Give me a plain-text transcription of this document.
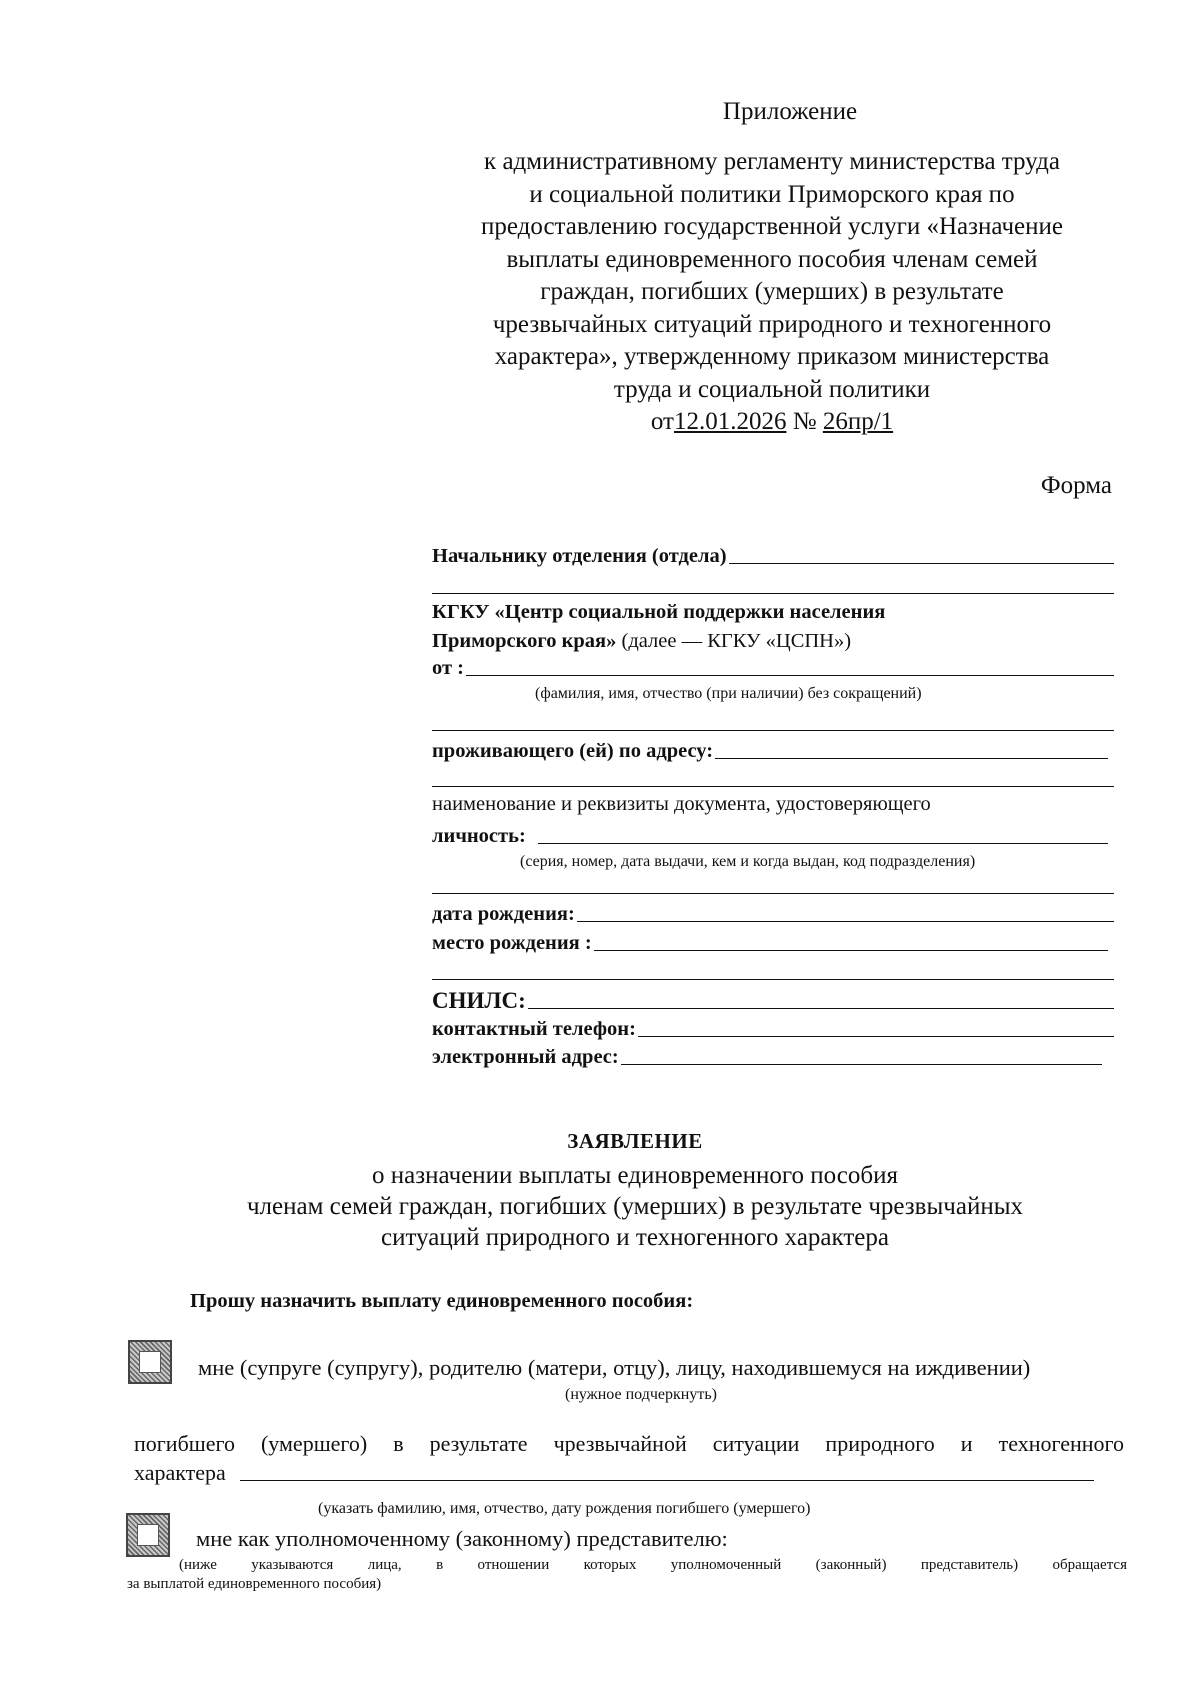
Приложение
к административному регламенту министерства труда
и социальной политики Приморского края по
предоставлению государственной услуги «Назначение
выплаты единовременного пособия членам семей
граждан, погибших (умерших) в результате
чрезвычайных ситуаций природного и техногенного
характера», утвержденному приказом министерства
труда и социальной политики
от12.01.2026 № 26пр/1
Форма
Начальнику отделения (отдела)
КГКУ «Центр социальной поддержки населения
Приморского края» (далее — КГКУ «ЦСПН»)
от :
(фамилия, имя, отчество (при наличии) без сокращений)
проживающего (ей) по адресу:
наименование и реквизиты документа, удостоверяющего
личность:
(серия, номер, дата выдачи, кем и когда выдан, код подразделения)
дата рождения:
место рождения :
СНИЛС:
контактный телефон:
электронный адрес:
ЗАЯВЛЕНИЕ
о назначении выплаты единовременного пособия
членам семей граждан, погибших (умерших) в результате чрезвычайных
ситуаций природного и техногенного характера
Прошу назначить выплату единовременного пособия:
мне (супруге (супругу), родителю (матери, отцу), лицу, находившемуся на иждивении)
(нужное подчеркнуть)
погибшего (умершего) в результате чрезвычайной ситуации природного и техногенного
характера
(указать фамилию, имя, отчество, дату рождения погибшего (умершего)
мне как уполномоченному (законному) представителю:
(ниже указываются лица, в отношении которых уполномоченный (законный) представитель) обращается
за выплатой единовременного пособия)
